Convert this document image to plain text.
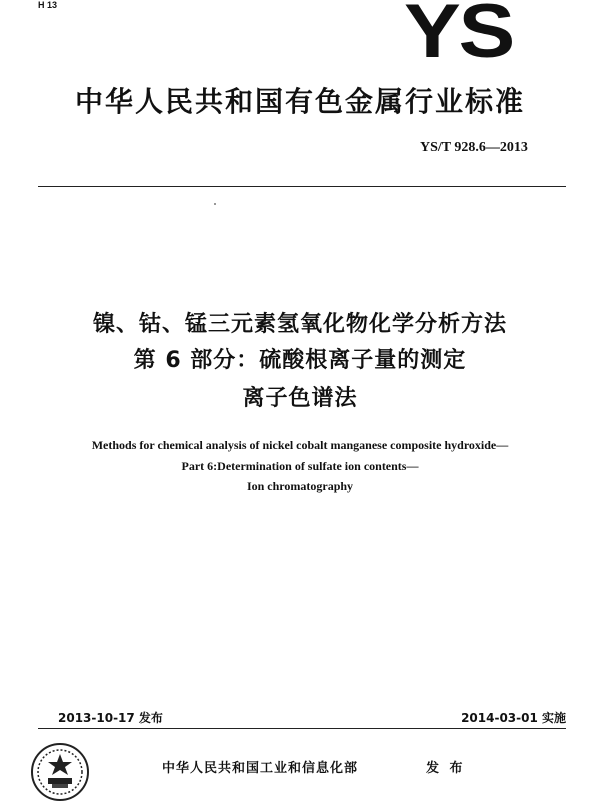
H 13	YS
中华人民共和国有色金属行业标准
YS/T 928.6—2013
镍、钴、锰三元素氢氧化物化学分析方法
第 6 部分：硫酸根离子量的测定
离子色谱法
Methods for chemical analysis of nickel cobalt manganese composite hydroxide—
Part 6:Determination of sulfate ion contents—
Ion chromatography
2013-10-17 发布	2014-03-01 实施
中华人民共和国工业和信息化部	发 布
